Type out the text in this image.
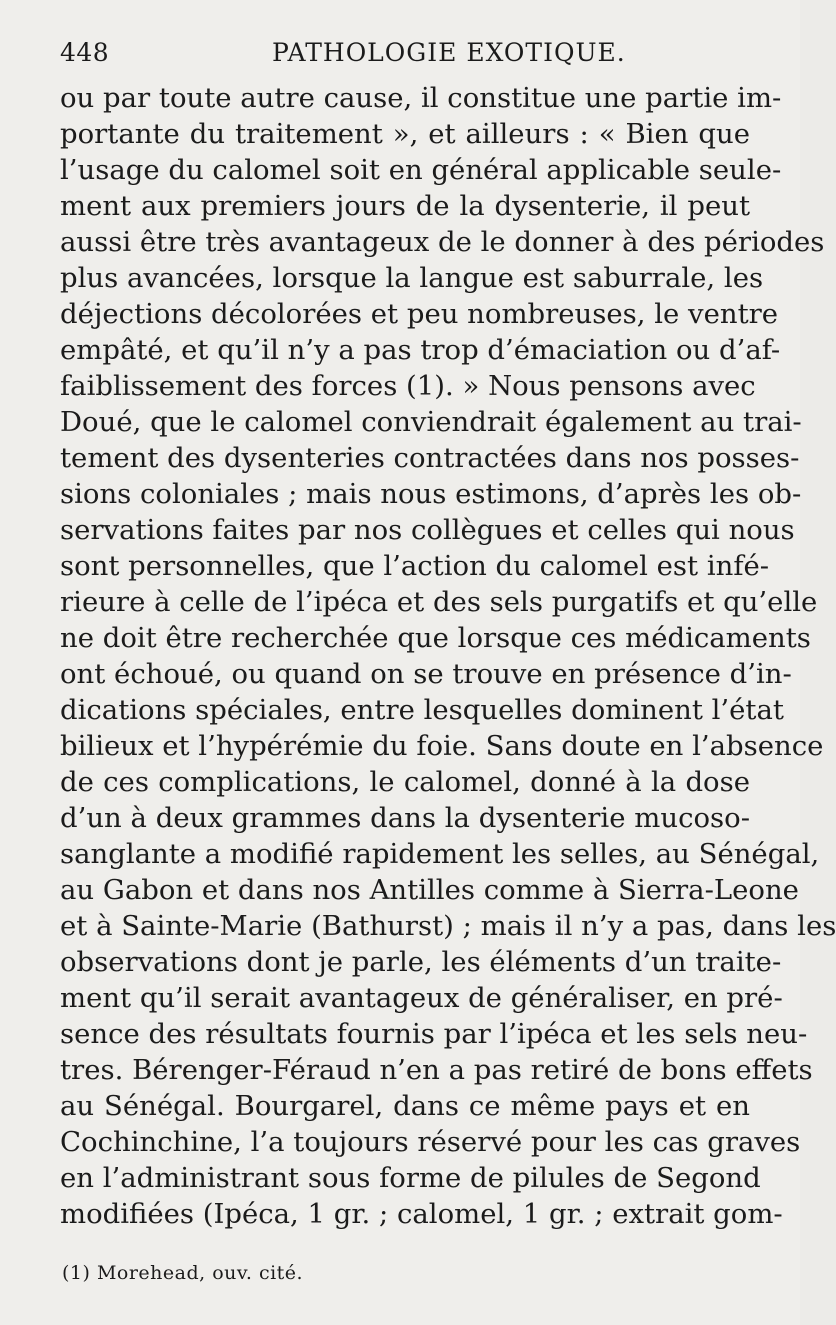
448	PATHOLOGIE EXOTIQUE.
ou par toute autre cause, il constitue une partie im-
portante du traitement », et ailleurs : « Bien que
l’usage du calomel soit en général applicable seule-
ment aux premiers jours de la dysenterie, il peut
aussi être très avantageux de le donner à des périodes
plus avancées, lorsque la langue est saburrale, les
déjections décolorées et peu nombreuses, le ventre
empâté, et qu’il n’y a pas trop d’émaciation ou d’af-
faiblissement des forces (1). » Nous pensons avec
Doué, que le calomel conviendrait également au trai-
tement des dysenteries contractées dans nos posses-
sions coloniales ; mais nous estimons, d’après les ob-
servations faites par nos collègues et celles qui nous
sont personnelles, que l’action du calomel est infé-
rieure à celle de l’ipéca et des sels purgatifs et qu’elle
ne doit être recherchée que lorsque ces médicaments
ont échoué, ou quand on se trouve en présence d’in-
dications spéciales, entre lesquelles dominent l’état
bilieux et l’hypérémie du foie. Sans doute en l’absence
de ces complications, le calomel, donné à la dose
d’un à deux grammes dans la dysenterie mucoso-
sanglante a modifié rapidement les selles, au Sénégal,
au Gabon et dans nos Antilles comme à Sierra-Leone
et à Sainte-Marie (Bathurst) ; mais il n’y a pas, dans les
observations dont je parle, les éléments d’un traite-
ment qu’il serait avantageux de généraliser, en pré-
sence des résultats fournis par l’ipéca et les sels neu-
tres. Bérenger-Féraud n’en a pas retiré de bons effets
au Sénégal. Bourgarel, dans ce même pays et en
Cochinchine, l’a toujours réservé pour les cas graves
en l’administrant sous forme de pilules de Segond
modifiées (Ipéca, 1 gr. ; calomel, 1 gr. ; extrait gom-
(1) Morehead, ouv. cité.
